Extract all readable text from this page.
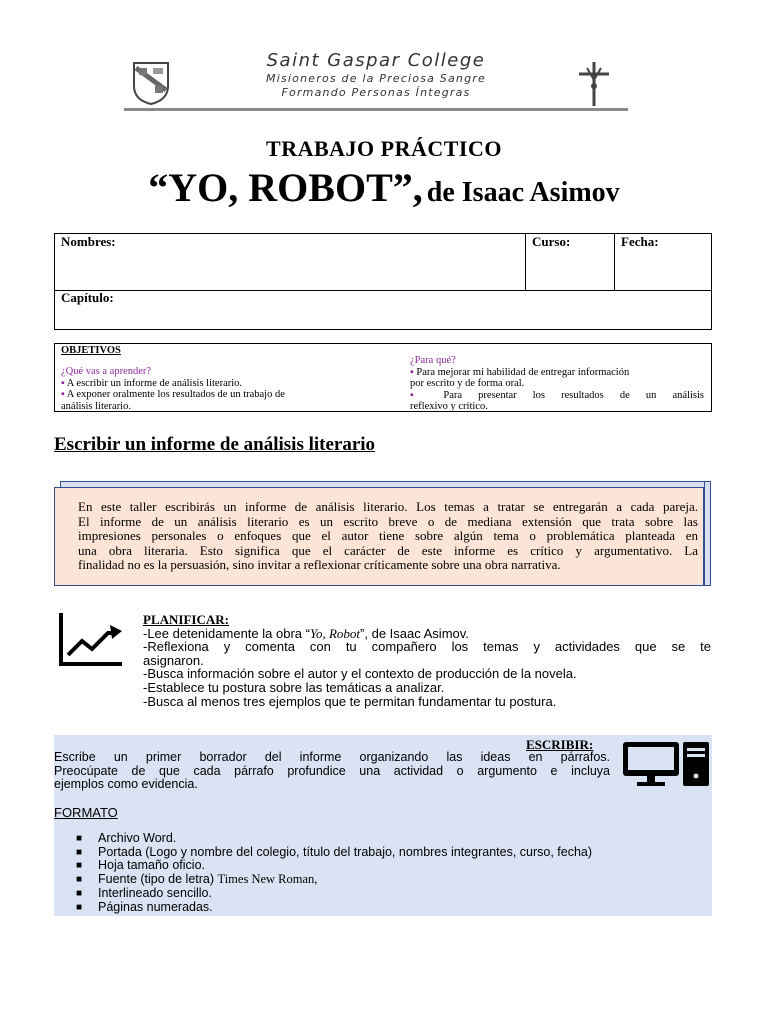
Saint Gaspar College
Misioneros de la Preciosa Sangre
Formando Personas Íntegras
TRABAJO PRÁCTICO
“YO, ROBOT”, de Isaac Asimov
Nombres:	Curso:	Fecha:
Capítulo:
OBJETIVOS
¿Qué vas a aprender?
▪ A escribir un informe de análisis literario.
▪ A exponer oralmente los resultados de un trabajo de
análisis literario.
¿Para qué?
▪ Para mejorar mi habilidad de entregar información
por escrito y de forma oral.
▪ Para presentar los resultados de un análisis
reflexivo y crítico.
Escribir un informe de análisis literario
En este taller escribirás un informe de análisis literario. Los temas a tratar se entregarán a cada pareja.
El informe de un análisis literario es un escrito breve o de mediana extensión que trata sobre las
impresiones personales o enfoques que el autor tiene sobre algún tema o problemática planteada en
una obra literaria. Esto significa que el carácter de este informe es crítico y argumentativo. La
finalidad no es la persuasión, sino invitar a reflexionar críticamente sobre una obra narrativa.
PLANIFICAR:
-Lee detenidamente la obra “Yo, Robot”, de Isaac Asimov.
-Reflexiona y comenta con tu compañero los temas y actividades que se te
asignaron.
-Busca información sobre el autor y el contexto de producción de la novela.
-Establece tu postura sobre las temáticas a analizar.
-Busca al menos tres ejemplos que te permitan fundamentar tu postura.
ESCRIBIR:
Escribe un primer borrador del informe organizando las ideas en párrafos.
Preocúpate de que cada párrafo profundice una actividad o argumento e incluya
ejemplos como evidencia.
FORMATO
■ Archivo Word.
■ Portada (Logo y nombre del colegio, título del trabajo, nombres integrantes, curso, fecha)
■ Hoja tamaño oficio.
■ Fuente (tipo de letra) Times New Roman,
■ Interlineado sencillo.
■ Páginas numeradas.
